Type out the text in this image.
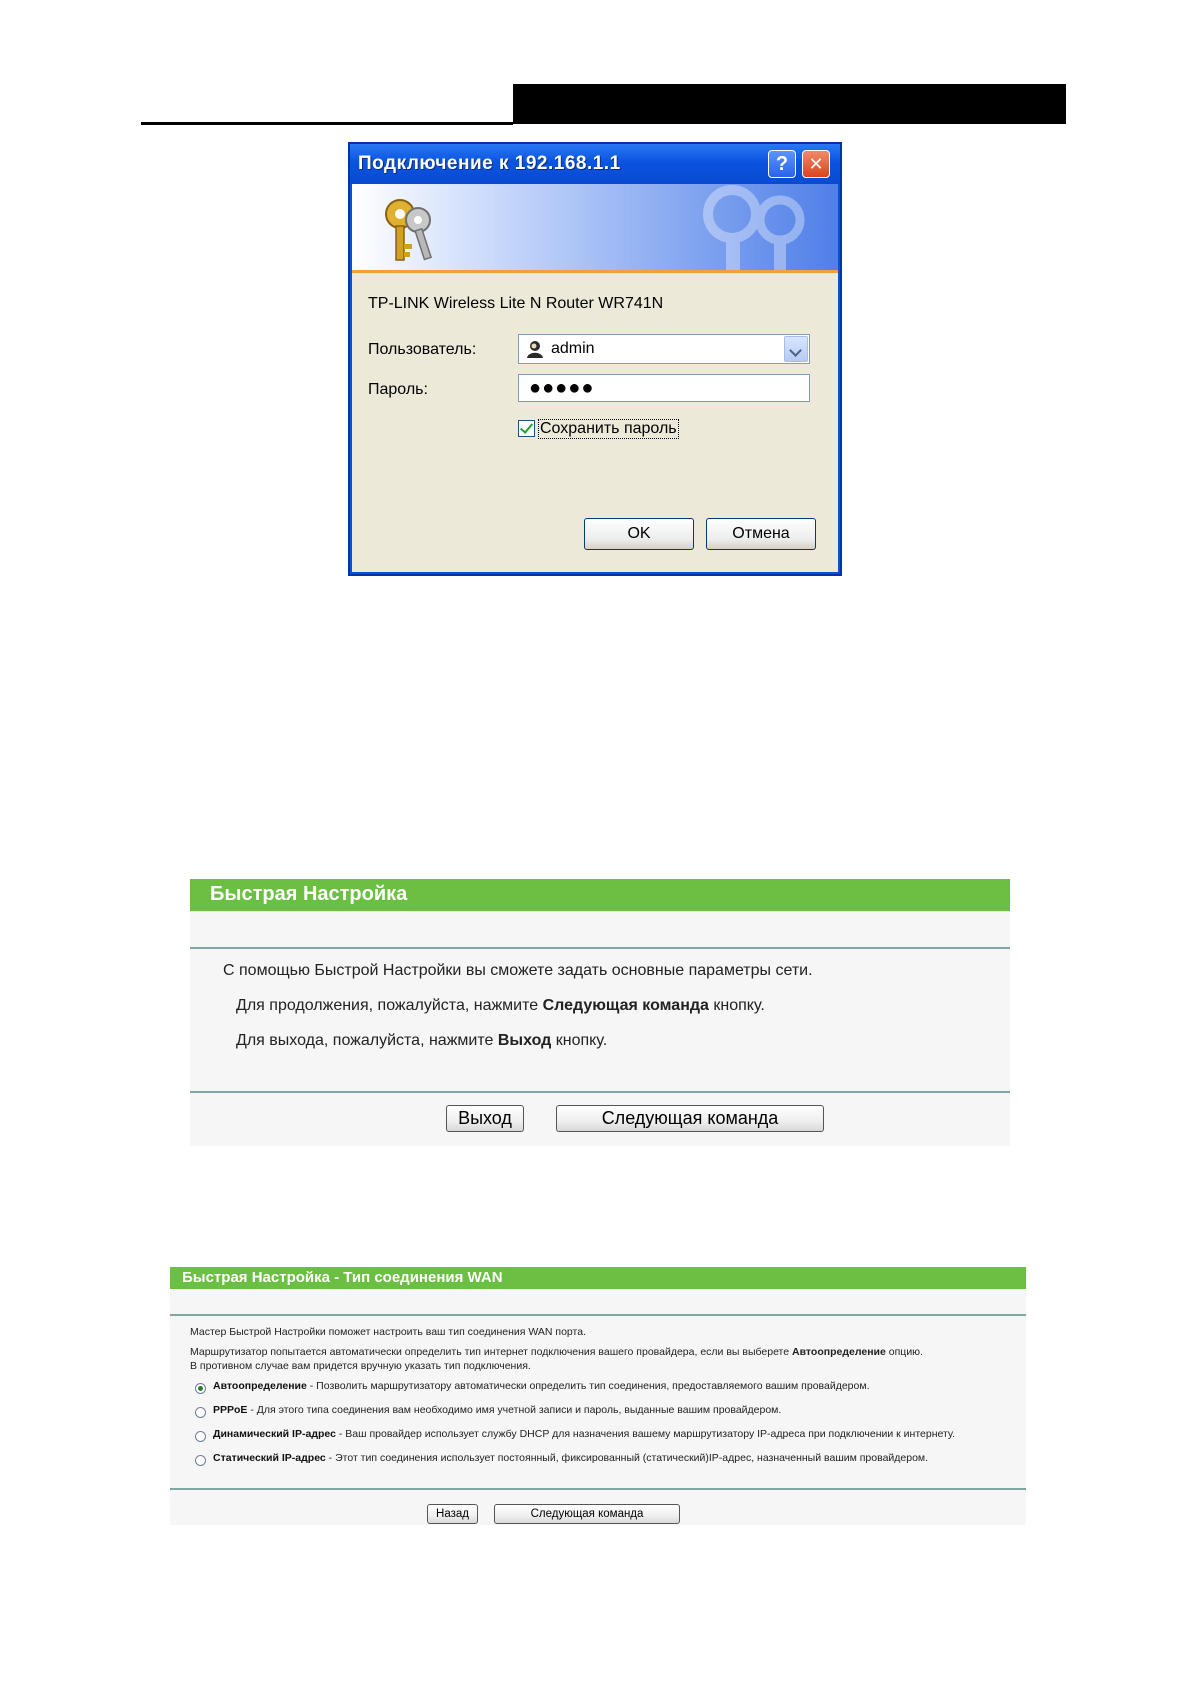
Подключение к 192.168.1.1	?	✕
TP-LINK Wireless Lite N Router WR741N
Пользователь:	admin
Пароль:	●●●●●
Сохранить пароль
OK	Отмена
Быстрая Настройка
С помощью Быстрой Настройки вы сможете задать основные параметры сети.
Для продолжения, пожалуйста, нажмите Следующая команда кнопку.
Для выхода, пожалуйста, нажмите Выход кнопку.
Выход	Следующая команда
Быстрая Настройка - Тип соединения WAN
Мастер Быстрой Настройки поможет настроить ваш тип соединения WAN порта.
Маршрутизатор попытается автоматически определить тип интернет подключения вашего провайдера, если вы выберете Автоопределение опцию.
В противном случае вам придется вручную указать тип подключения.
Автоопределение - Позволить маршрутизатору автоматически определить тип соединения, предоставляемого вашим провайдером.
PPPoE - Для этого типа соединения вам необходимо имя учетной записи и пароль, выданные вашим провайдером.
Динамический IP-адрес - Ваш провайдер использует службу DHCP для назначения вашему маршрутизатору IP-адреса при подключении к интернету.
Статический IP-адрес - Этот тип соединения использует постоянный, фиксированный (статический)IP-адрес, назначенный вашим провайдером.
Назад	Следующая команда
